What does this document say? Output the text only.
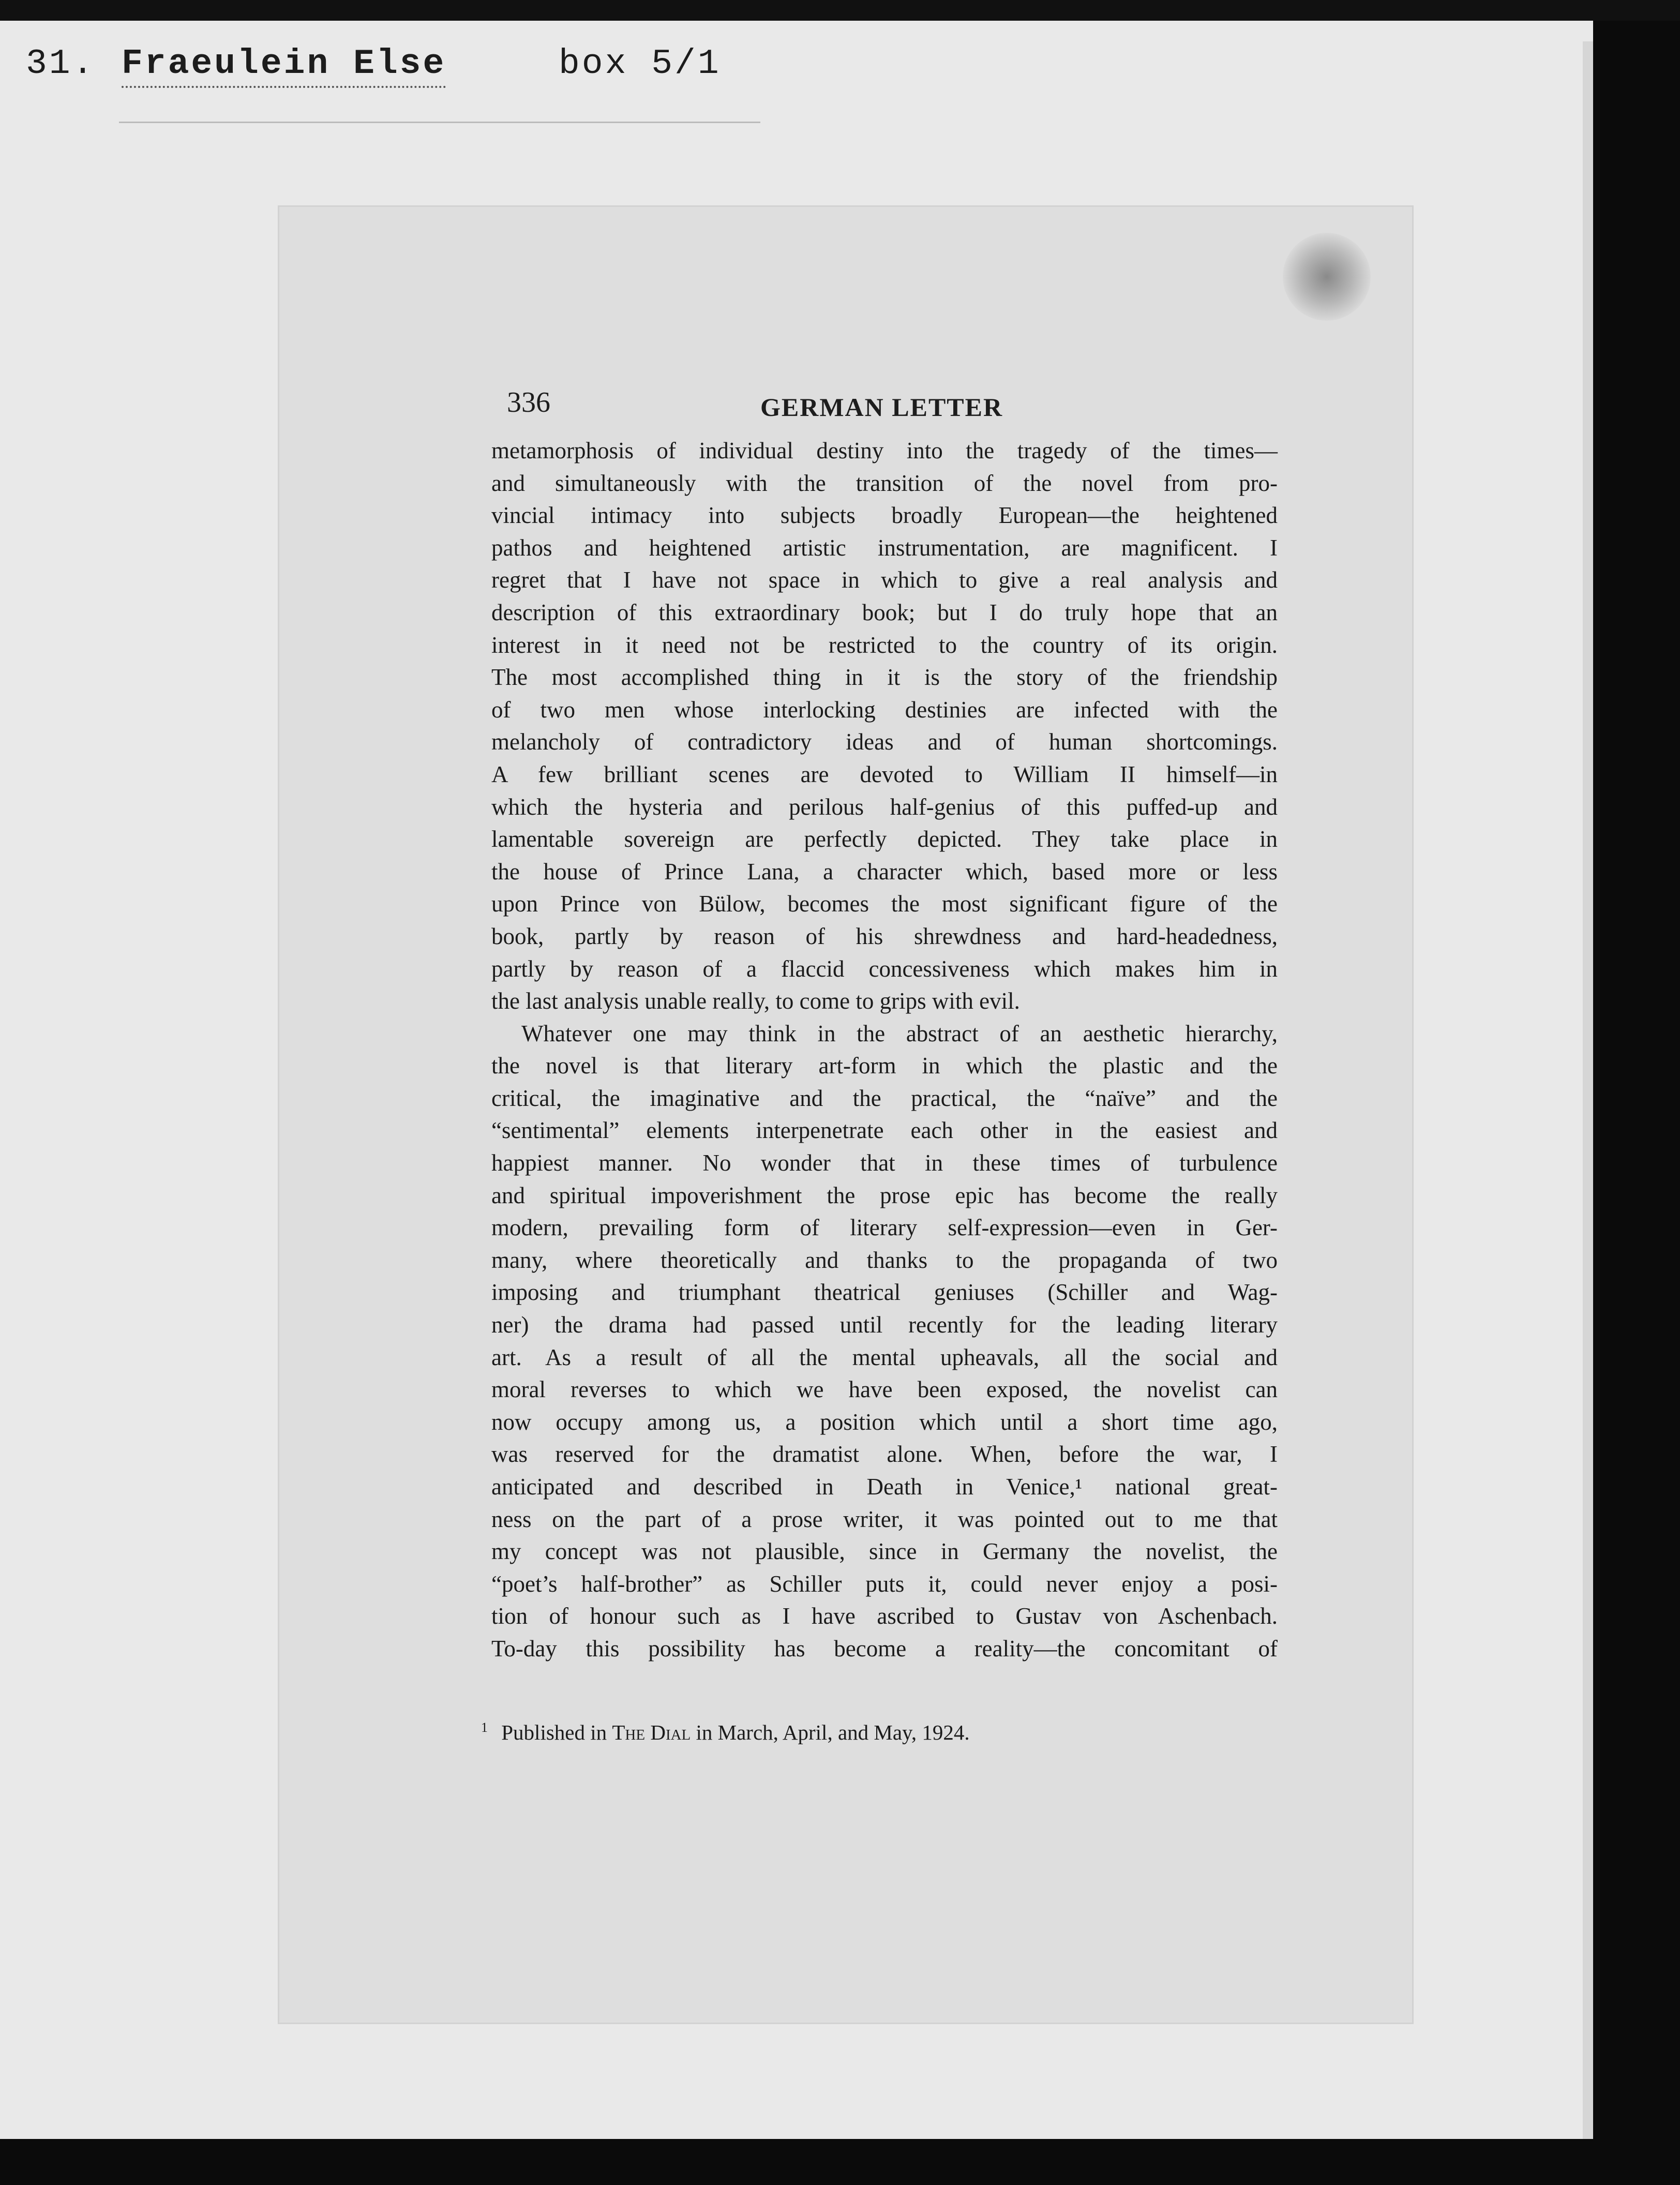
31. Fraeulein Else	box 5/1
336	GERMAN LETTER
metamorphosis of individual destiny into the tragedy of the times—
and simultaneously with the transition of the novel from pro-
vincial intimacy into subjects broadly European—the heightened
pathos and heightened artistic instrumentation, are magnificent. I
regret that I have not space in which to give a real analysis and
description of this extraordinary book; but I do truly hope that an
interest in it need not be restricted to the country of its origin.
The most accomplished thing in it is the story of the friendship
of two men whose interlocking destinies are infected with the
melancholy of contradictory ideas and of human shortcomings.
A few brilliant scenes are devoted to William II himself—in
which the hysteria and perilous half-genius of this puffed-up and
lamentable sovereign are perfectly depicted. They take place in
the house of Prince Lana, a character which, based more or less
upon Prince von Bülow, becomes the most significant figure of the
book, partly by reason of his shrewdness and hard-headedness,
partly by reason of a flaccid concessiveness which makes him in
the last analysis unable really, to come to grips with evil.
Whatever one may think in the abstract of an aesthetic hierarchy,
the novel is that literary art-form in which the plastic and the
critical, the imaginative and the practical, the “naïve” and the
“sentimental” elements interpenetrate each other in the easiest and
happiest manner. No wonder that in these times of turbulence
and spiritual impoverishment the prose epic has become the really
modern, prevailing form of literary self-expression—even in Ger-
many, where theoretically and thanks to the propaganda of two
imposing and triumphant theatrical geniuses (Schiller and Wag-
ner) the drama had passed until recently for the leading literary
art. As a result of all the mental upheavals, all the social and
moral reverses to which we have been exposed, the novelist can
now occupy among us, a position which until a short time ago,
was reserved for the dramatist alone. When, before the war, I
anticipated and described in Death in Venice,¹ national great-
ness on the part of a prose writer, it was pointed out to me that
my concept was not plausible, since in Germany the novelist, the
“poet’s half-brother” as Schiller puts it, could never enjoy a posi-
tion of honour such as I have ascribed to Gustav von Aschenbach.
To-day this possibility has become a reality—the concomitant of
$^1$ Published in The Dial in March, April, and May, 1924.
